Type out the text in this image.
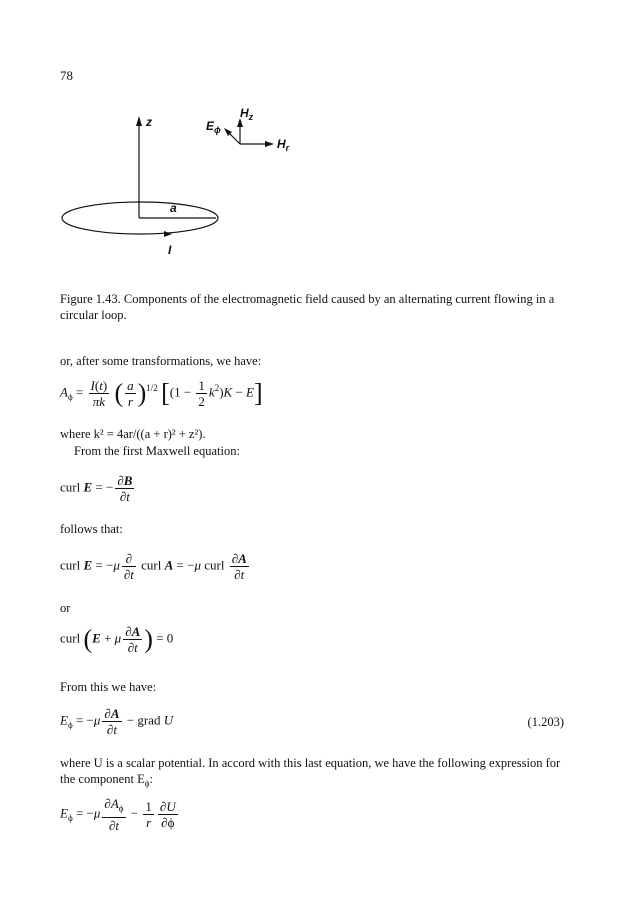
78
z
a
I
$H_z$
$H_r$
$E_\phi$
Figure 1.43. Components of the electromagnetic field caused by an alternating current flowing in a circular loop.
or, after some transformations, we have:
$A_\phi = \frac{I(t)}{\pi k}$ ( $\frac{a}{r} )^{1/2}$ $[(1 - \frac{1}{2} k^2)K - E]$
where k² = 4ar/((a + r)² + z²).
From the first Maxwell equation:
curl E = − $\frac{\partial B}{\partial t}$
follows that:
curl $E = -\mu \frac{\partial}{\partial t}$ curl A = −μ curl $\frac{\partial A}{\partial t}$
or
curl (E + μ $\frac{\partial A}{\partial t}$ ) = 0
From this we have:
$E_\phi = -\mu \frac{\partial A}{\partial t}$ − grad U	(1.203)
where U is a scalar potential. In accord with this last equation, we have the following expression for the component $E_\phi$:
$E_\phi = -\mu \frac{\partial A_\phi}{\partial t} - \frac{1}{r} \frac{\partial U}{\partial\phi}$
